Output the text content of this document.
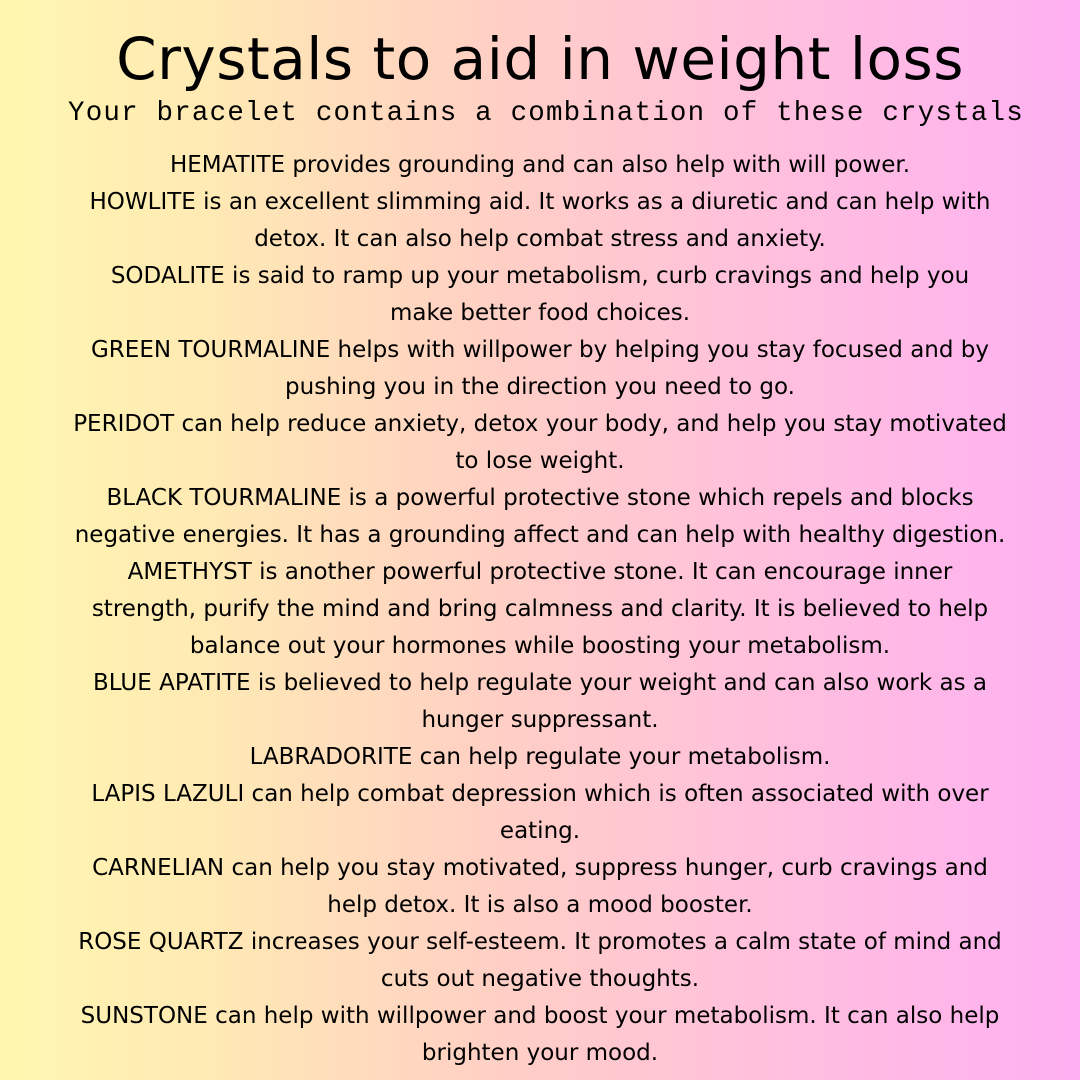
Crystals to aid in weight loss
Your bracelet contains a combination of these crystals
HEMATITE provides grounding and can also help with will power.
HOWLITE is an excellent slimming aid. It works as a diuretic and can help with
detox. It can also help combat stress and anxiety.
SODALITE is said to ramp up your metabolism, curb cravings and help you
make better food choices.
GREEN TOURMALINE helps with willpower by helping you stay focused and by
pushing you in the direction you need to go.
PERIDOT can help reduce anxiety, detox your body, and help you stay motivated
to lose weight.
BLACK TOURMALINE is a powerful protective stone which repels and blocks
negative energies. It has a grounding affect and can help with healthy digestion.
AMETHYST is another powerful protective stone. It can encourage inner
strength, purify the mind and bring calmness and clarity. It is believed to help
balance out your hormones while boosting your metabolism.
BLUE APATITE is believed to help regulate your weight and can also work as a
hunger suppressant.
LABRADORITE can help regulate your metabolism.
LAPIS LAZULI can help combat depression which is often associated with over
eating.
CARNELIAN can help you stay motivated, suppress hunger, curb cravings and
help detox. It is also a mood booster.
ROSE QUARTZ increases your self-esteem. It promotes a calm state of mind and
cuts out negative thoughts.
SUNSTONE can help with willpower and boost your metabolism. It can also help
brighten your mood.
